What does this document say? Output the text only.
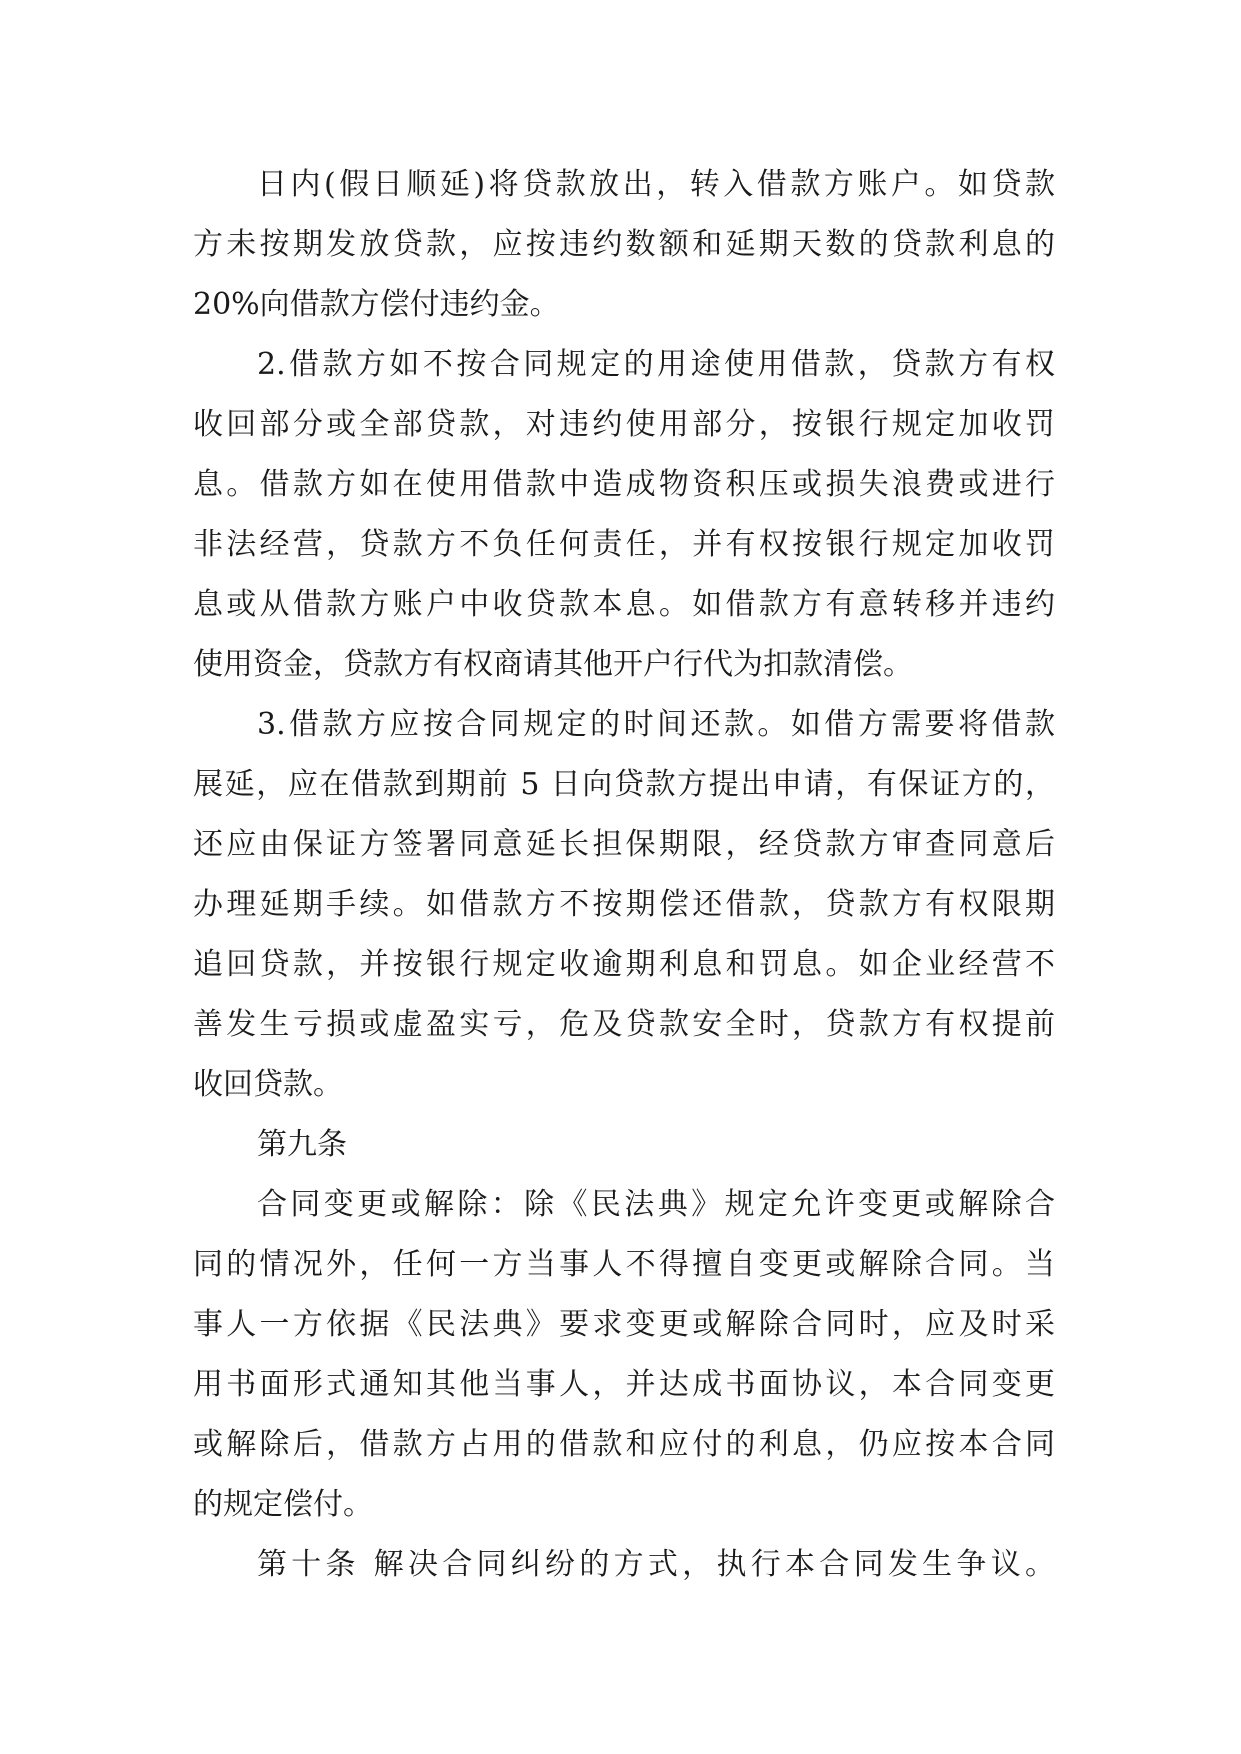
日内(假日顺延)将贷款放出，转入借款方账户。如贷款
方未按期发放贷款，应按违约数额和延期天数的贷款利息的
20%向借款方偿付违约金。
2.借款方如不按合同规定的用途使用借款，贷款方有权
收回部分或全部贷款，对违约使用部分，按银行规定加收罚
息。借款方如在使用借款中造成物资积压或损失浪费或进行
非法经营，贷款方不负任何责任，并有权按银行规定加收罚
息或从借款方账户中收贷款本息。如借款方有意转移并违约
使用资金，贷款方有权商请其他开户行代为扣款清偿。
3.借款方应按合同规定的时间还款。如借方需要将借款
展延，应在借款到期前 5 日向贷款方提出申请，有保证方的，
还应由保证方签署同意延长担保期限，经贷款方审查同意后
办理延期手续。如借款方不按期偿还借款，贷款方有权限期
追回贷款，并按银行规定收逾期利息和罚息。如企业经营不
善发生亏损或虚盈实亏，危及贷款安全时，贷款方有权提前
收回贷款。
第九条
合同变更或解除：除《民法典》规定允许变更或解除合
同的情况外，任何一方当事人不得擅自变更或解除合同。当
事人一方依据《民法典》要求变更或解除合同时，应及时采
用书面形式通知其他当事人，并达成书面协议，本合同变更
或解除后，借款方占用的借款和应付的利息，仍应按本合同
的规定偿付。
第十条 解决合同纠纷的方式，执行本合同发生争议。
